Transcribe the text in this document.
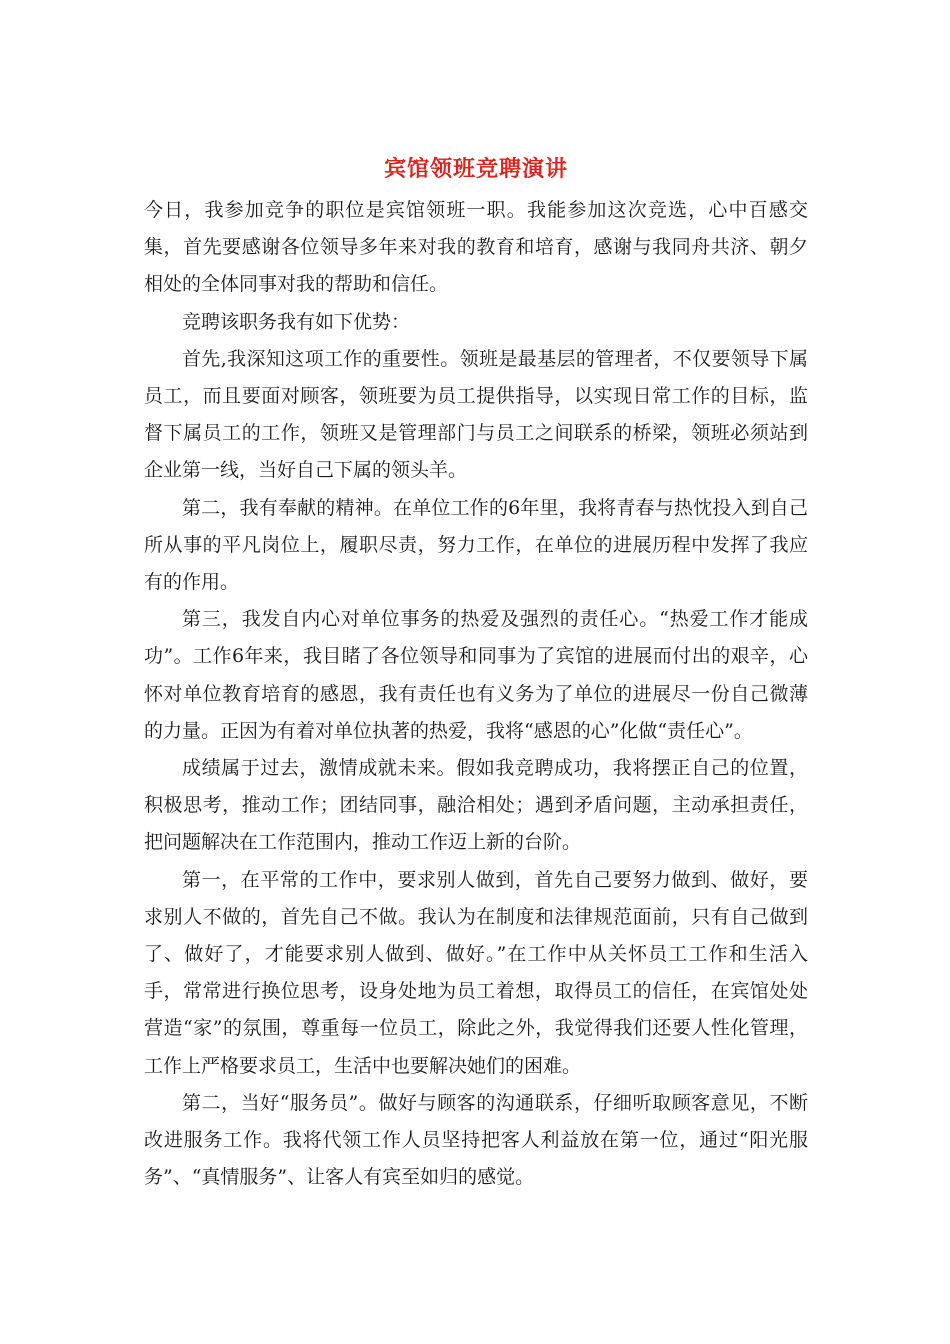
宾馆领班竞聘演讲

今日，我参加竞争的职位是宾馆领班一职。我能参加这次竞选，心中百感交集，首先要感谢各位领导多年来对我的教育和培育，感谢与我同舟共济、朝夕相处的全体同事对我的帮助和信任。

竞聘该职务我有如下优势：

首先,我深知这项工作的重要性。领班是最基层的管理者，不仅要领导下属员工，而且要面对顾客，领班要为员工提供指导，以实现日常工作的目标，监督下属员工的工作，领班又是管理部门与员工之间联系的桥梁，领班必须站到企业第一线，当好自己下属的领头羊。

第二，我有奉献的精神。在单位工作的6年里，我将青春与热忱投入到自己所从事的平凡岗位上，履职尽责，努力工作，在单位的进展历程中发挥了我应有的作用。

第三，我发自内心对单位事务的热爱及强烈的责任心。“热爱工作才能成功”。工作6年来，我目睹了各位领导和同事为了宾馆的进展而付出的艰辛，心怀对单位教育培育的感恩，我有责任也有义务为了单位的进展尽一份自己微薄的力量。正因为有着对单位执著的热爱，我将“感恩的心”化做“责任心”。

成绩属于过去，激情成就未来。假如我竞聘成功，我将摆正自己的位置，积极思考，推动工作；团结同事，融洽相处；遇到矛盾问题，主动承担责任，把问题解决在工作范围内，推动工作迈上新的台阶。

第一，在平常的工作中，要求别人做到，首先自己要努力做到、做好，要求别人不做的，首先自己不做。我认为在制度和法律规范面前，只有自己做到了、做好了，才能要求别人做到、做好。”在工作中从关怀员工工作和生活入手，常常进行换位思考，设身处地为员工着想，取得员工的信任，在宾馆处处营造“家”的氛围，尊重每一位员工，除此之外，我觉得我们还要人性化管理，工作上严格要求员工，生活中也要解决她们的困难。

第二，当好“服务员”。做好与顾客的沟通联系，仔细听取顾客意见，不断改进服务工作。我将代领工作人员坚持把客人利益放在第一位，通过“阳光服务”、“真情服务”、让客人有宾至如归的感觉。
